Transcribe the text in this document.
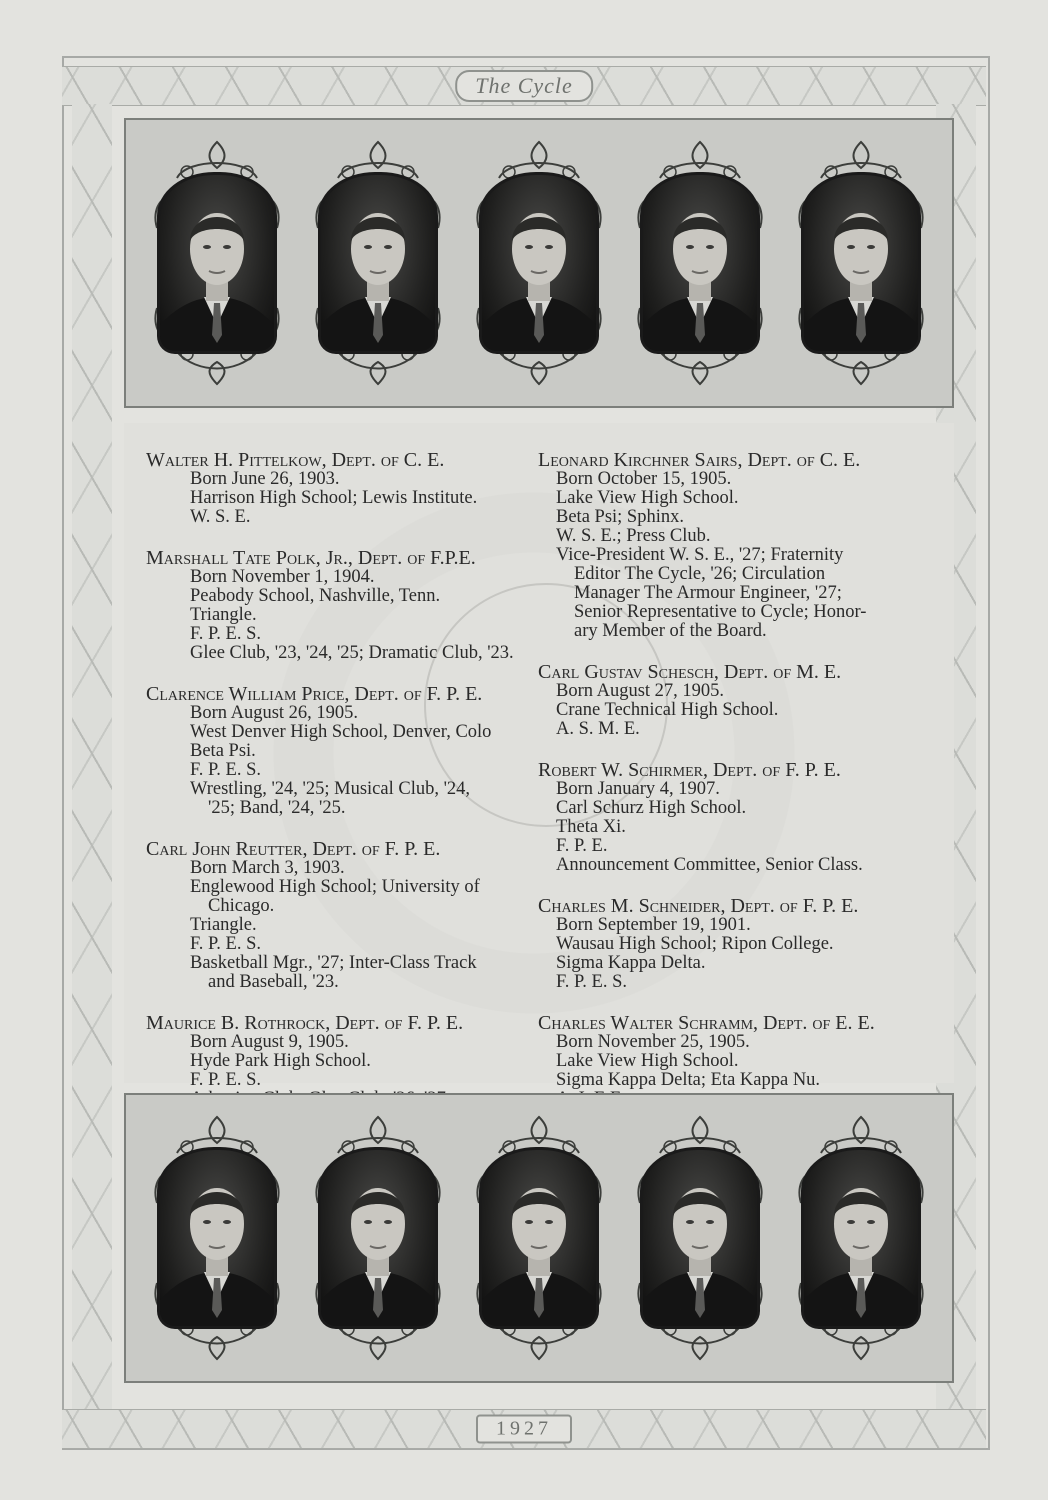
The Cycle
Walter H. Pittelkow, Dept. of C. E.
Born June 26, 1903.
Harrison High School; Lewis Institute.
W. S. E.
Marshall Tate Polk, Jr., Dept. of F.P.E.
Born November 1, 1904.
Peabody School, Nashville, Tenn.
Triangle.
F. P. E. S.
Glee Club, '23, '24, '25; Dramatic Club, '23.
Clarence William Price, Dept. of F. P. E.
Born August 26, 1905.
West Denver High School, Denver, Colo
Beta Psi.
F. P. E. S.
Wrestling, '24, '25; Musical Club, '24,
'25; Band, '24, '25.
Carl John Reutter, Dept. of F. P. E.
Born March 3, 1903.
Englewood High School; University of
Chicago.
Triangle.
F. P. E. S.
Basketball Mgr., '27; Inter-Class Track
and Baseball, '23.
Maurice B. Rothrock, Dept. of F. P. E.
Born August 9, 1905.
Hyde Park High School.
F. P. E. S.
Leonard Kirchner Sairs, Dept. of C. E.
Born October 15, 1905.
Lake View High School.
Beta Psi; Sphinx.
W. S. E.; Press Club.
Vice-President W. S. E., '27; Fraternity
Editor The Cycle, '26; Circulation
Manager The Armour Engineer, '27;
Senior Representative to Cycle; Honor-
ary Member of the Board.
Carl Gustav Schesch, Dept. of M. E.
Born August 27, 1905.
Crane Technical High School.
A. S. M. E.
Robert W. Schirmer, Dept. of F. P. E.
Born January 4, 1907.
Carl Schurz High School.
Theta Xi.
F. P. E.
Announcement Committee, Senior Class.
Charles M. Schneider, Dept. of F. P. E.
Born September 19, 1901.
Wausau High School; Ripon College.
Sigma Kappa Delta.
F. P. E. S.
Charles Walter Schramm, Dept. of E. E.
Born November 25, 1905.
Lake View High School.
Sigma Kappa Delta; Eta Kappa Nu.
1927
